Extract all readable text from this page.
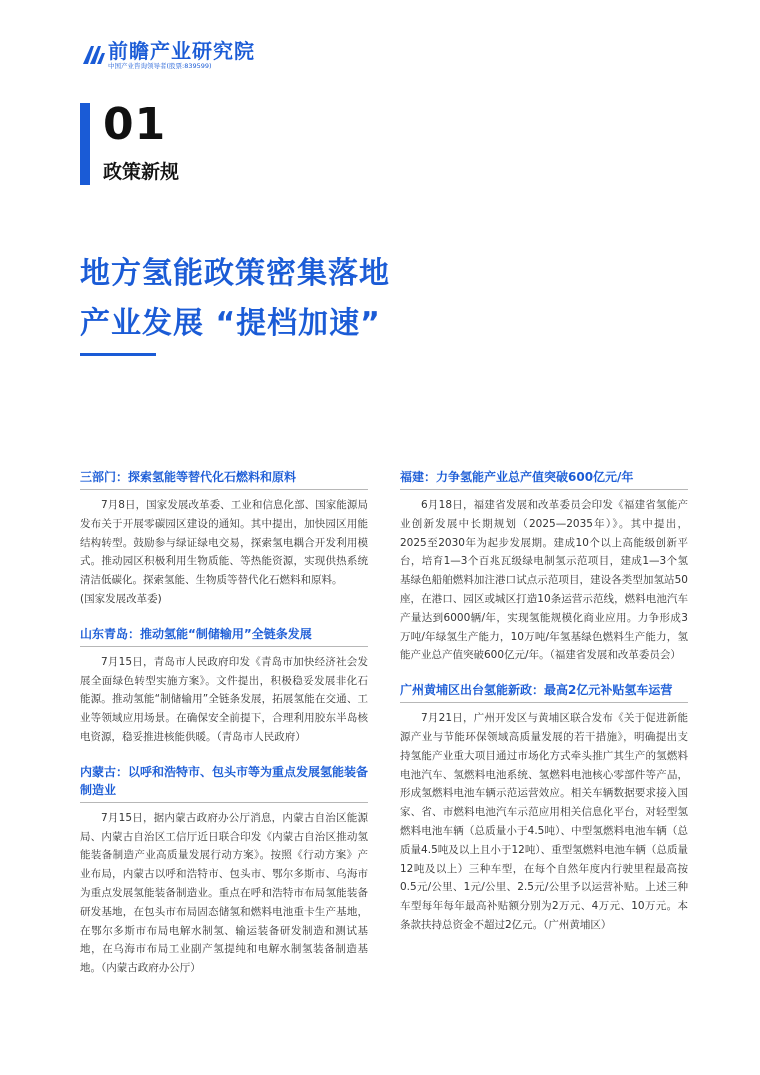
前瞻产业研究院
中国产业咨询领导者(股票:839599)
01
政策新规
地方氢能政策密集落地
产业发展 “提档加速”
三部门：探索氢能等替代化石燃料和原料

7月8日，国家发展改革委、工业和信息化部、国家能源局发布关于开展零碳园区建设的通知。其中提出，加快园区用能结构转型。鼓励参与绿证绿电交易，探索氢电耦合开发利用模式。推动园区积极利用生物质能、等热能资源，实现供热系统清洁低碳化。探索氢能、生物质等替代化石燃料和原料。

(国家发展改革委)

山东青岛：推动氢能“制储输用”全链条发展

7月15日，青岛市人民政府印发《青岛市加快经济社会发展全面绿色转型实施方案》。文件提出，积极稳妥发展非化石能源。推动氢能“制储输用”全链条发展，拓展氢能在交通、工业等领域应用场景。在确保安全前提下，合理利用胶东半岛核电资源，稳妥推进核能供暖。（青岛市人民政府）

内蒙古：以呼和浩特市、包头市等为重点发展氢能装备制造业

7月15日，据内蒙古政府办公厅消息，内蒙古自治区能源局、内蒙古自治区工信厅近日联合印发《内蒙古自治区推动氢能装备制造产业高质量发展行动方案》。按照《行动方案》产业布局，内蒙古以呼和浩特市、包头市、鄂尔多斯市、乌海市为重点发展氢能装备制造业。重点在呼和浩特市布局氢能装备研发基地，在包头市布局固态储氢和燃料电池重卡生产基地，在鄂尔多斯市布局电解水制氢、输运装备研发制造和测试基地，在乌海市布局工业副产氢提纯和电解水制氢装备制造基地。（内蒙古政府办公厅）

福建：力争氢能产业总产值突破600亿元/年

6月18日，福建省发展和改革委员会印发《福建省氢能产业创新发展中长期规划（2025—2035年）》。其中提出，2025至2030年为起步发展期。建成10个以上高能级创新平台，培育1—3个百兆瓦级绿电制氢示范项目，建成1—3个氢基绿色船舶燃料加注港口试点示范项目，建设各类型加氢站50座，在港口、园区或城区打造10条运营示范线，燃料电池汽车产量达到6000辆/年，实现氢能规模化商业应用。力争形成3万吨/年绿氢生产能力，10万吨/年氢基绿色燃料生产能力，氢能产业总产值突破600亿元/年。（福建省发展和改革委员会）

广州黄埔区出台氢能新政：最高2亿元补贴氢车运营

7月21日，广州开发区与黄埔区联合发布《关于促进新能源产业与节能环保领域高质量发展的若干措施》，明确提出支持氢能产业重大项目通过市场化方式牵头推广其生产的氢燃料电池汽车、氢燃料电池系统、氢燃料电池核心零部件等产品，形成氢燃料电池车辆示范运营效应。相关车辆数据要求接入国家、省、市燃料电池汽车示范应用相关信息化平台，对轻型氢燃料电池车辆（总质量小于4.5吨）、中型氢燃料电池车辆（总质量4.5吨及以上且小于12吨）、重型氢燃料电池车辆（总质量12吨及以上）三种车型，在每个自然年度内行驶里程最高按0.5元/公里、1元/公里、2.5元/公里予以运营补贴。上述三种车型每年每年最高补贴额分别为2万元、4万元、10万元。本条款扶持总资金不超过2亿元。（广州黄埔区）
